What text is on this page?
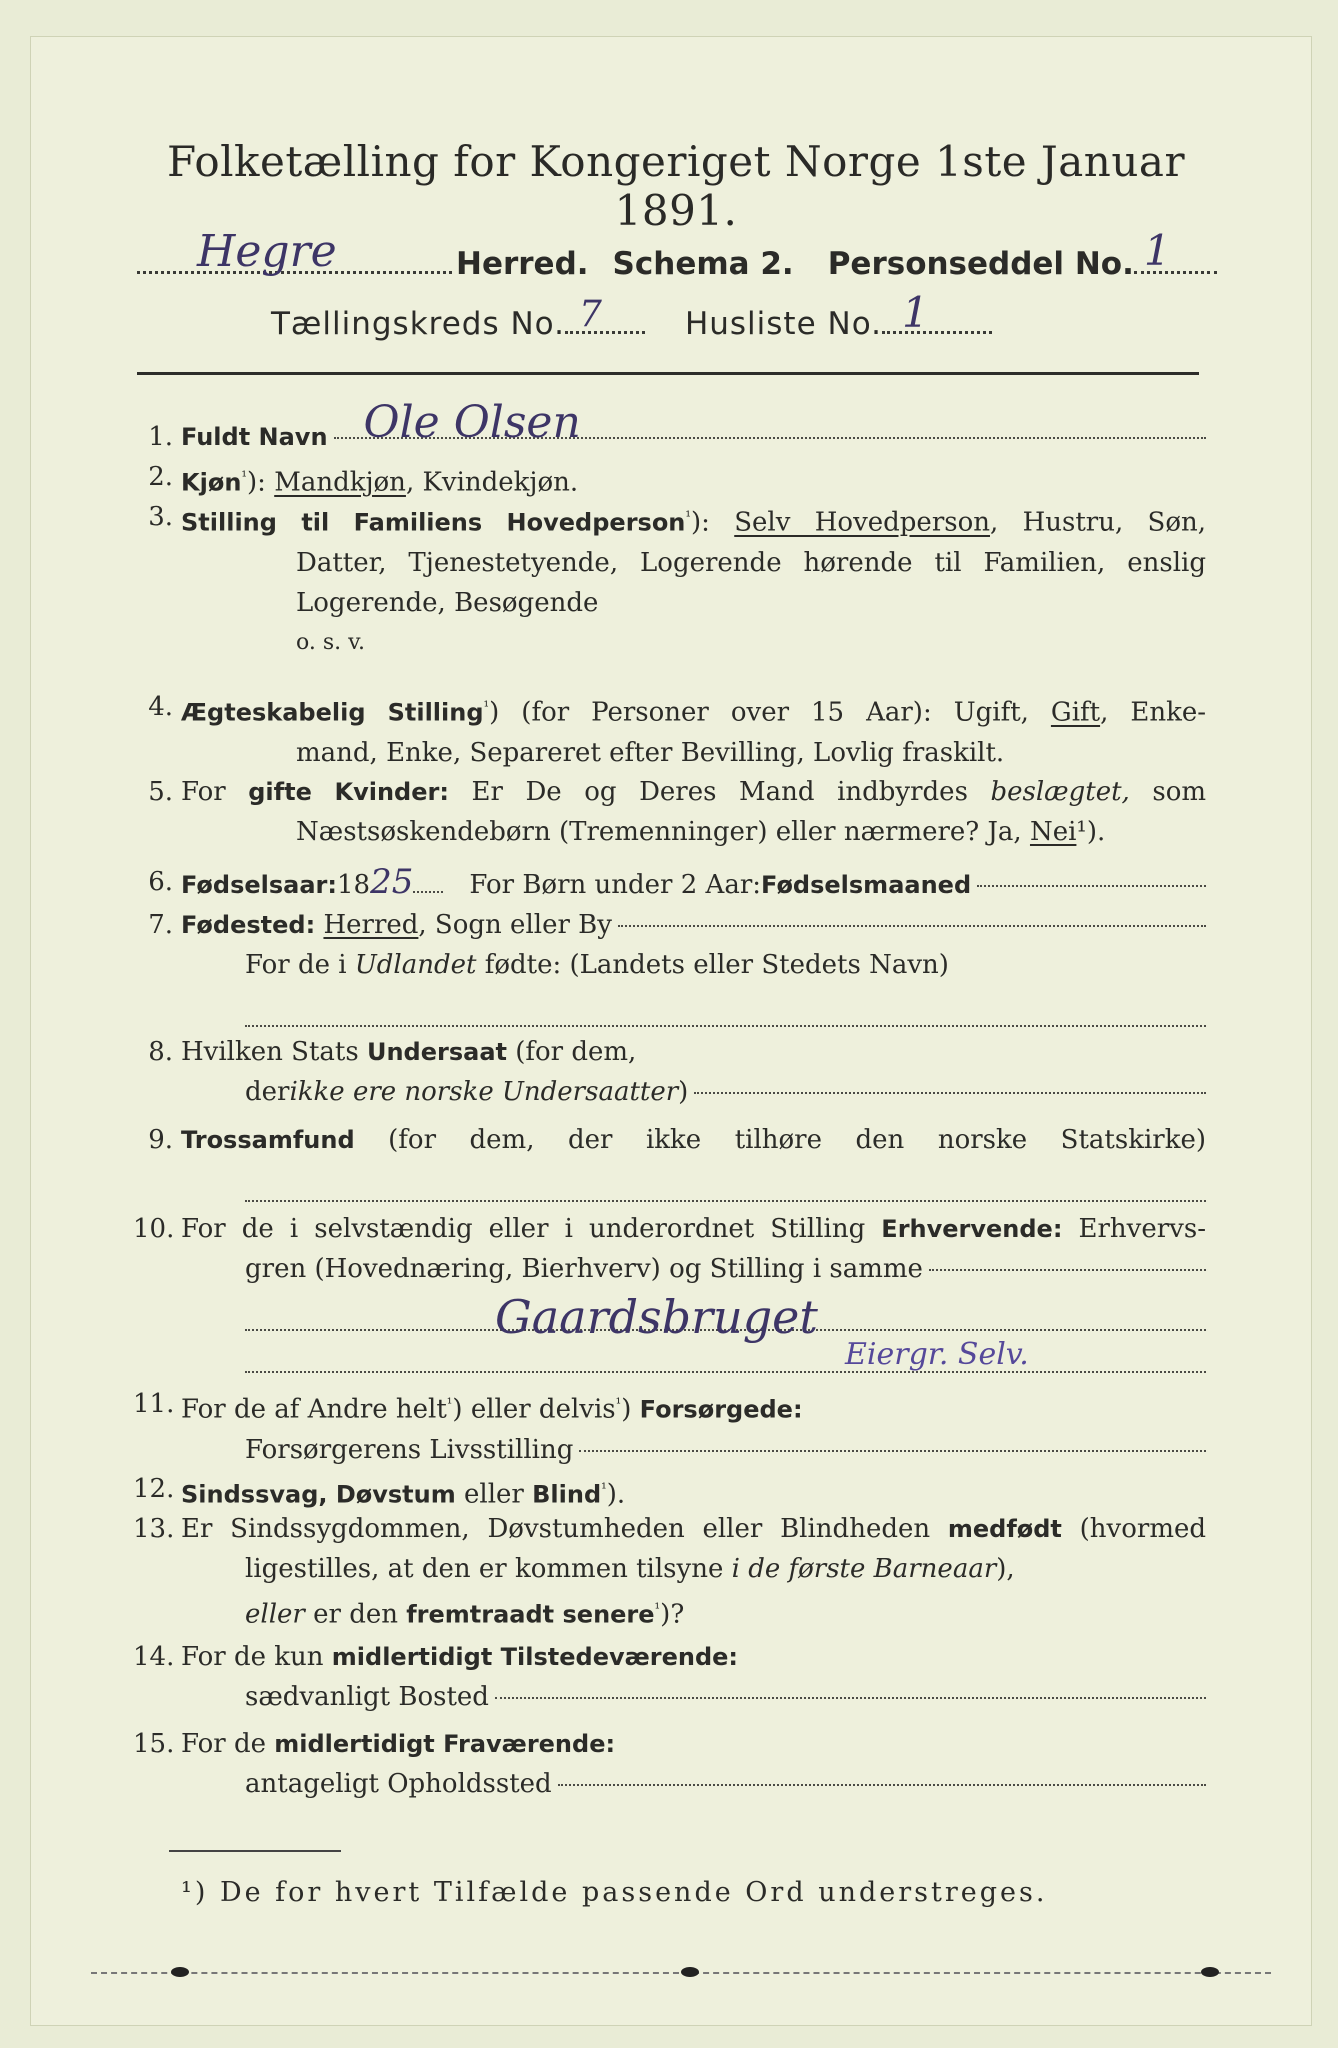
Folketælling for Kongeriget Norge 1ste Januar 1891.
Hegre	Herred. Schema 2. Personseddel No. 1
Tællingskreds No. 7	Husliste No. 1
1. Fuldt Navn Ole Olsen
2. Kjøn$^{^1}$): Mandkjøn, Kvindekjøn.
3. Stilling til Familiens Hovedperson$^{^1}$): Selv Hovedperson, Hustru, Søn,
Datter, Tjenestetyende, Logerende hørende til Familien, enslig
Logerende, Besøgende
o. s. v.
4. Ægteskabelig Stilling$^{^1}$) (for Personer over 15 Aar): Ugift, Gift, Enke-
mand, Enke, Separeret efter Bevilling, Lovlig fraskilt.
5. For gifte Kvinder: Er De og Deres Mand indbyrdes beslægtet, som
Næstsøskendebørn (Tremenninger) eller nærmere? Ja, Nei¹).
6. Fødselsaar: 18 25 For Børn under 2 Aar: Fødselsmaaned
7. Fødested:
Herred , Sogn eller By
For de i Udlandet fødte: (Landets eller Stedets Navn)
8. Hvilken Stats Undersaat (for dem,
der ikke ere norske Undersaatter )
9. Trossamfund (for dem, der ikke tilhøre den norske Statskirke)
10. For de i selvstændig eller i underordnet Stilling Erhvervende: Erhvervs-
gren (Hovednæring, Bierhverv) og Stilling i samme
Gaardsbruget
Eiergr. Selv.
11. For de af Andre helt$^{^1}$) eller delvis$^{^1}$) Forsørgede:
Forsørgerens Livsstilling
12. Sindssvag, Døvstum eller Blind$^{^1}$).
13. Er Sindssygdommen, Døvstumheden eller Blindheden medfødt (hvormed
ligestilles, at den er kommen tilsyne i de første Barneaar),
eller er den fremtraadt senere$^{^1}$)?
14. For de kun midlertidigt Tilstedeværende:
sædvanligt Bosted
15. For de midlertidigt Fraværende:
antageligt Opholdssted
¹) De for hvert Tilfælde passende Ord understreges.
